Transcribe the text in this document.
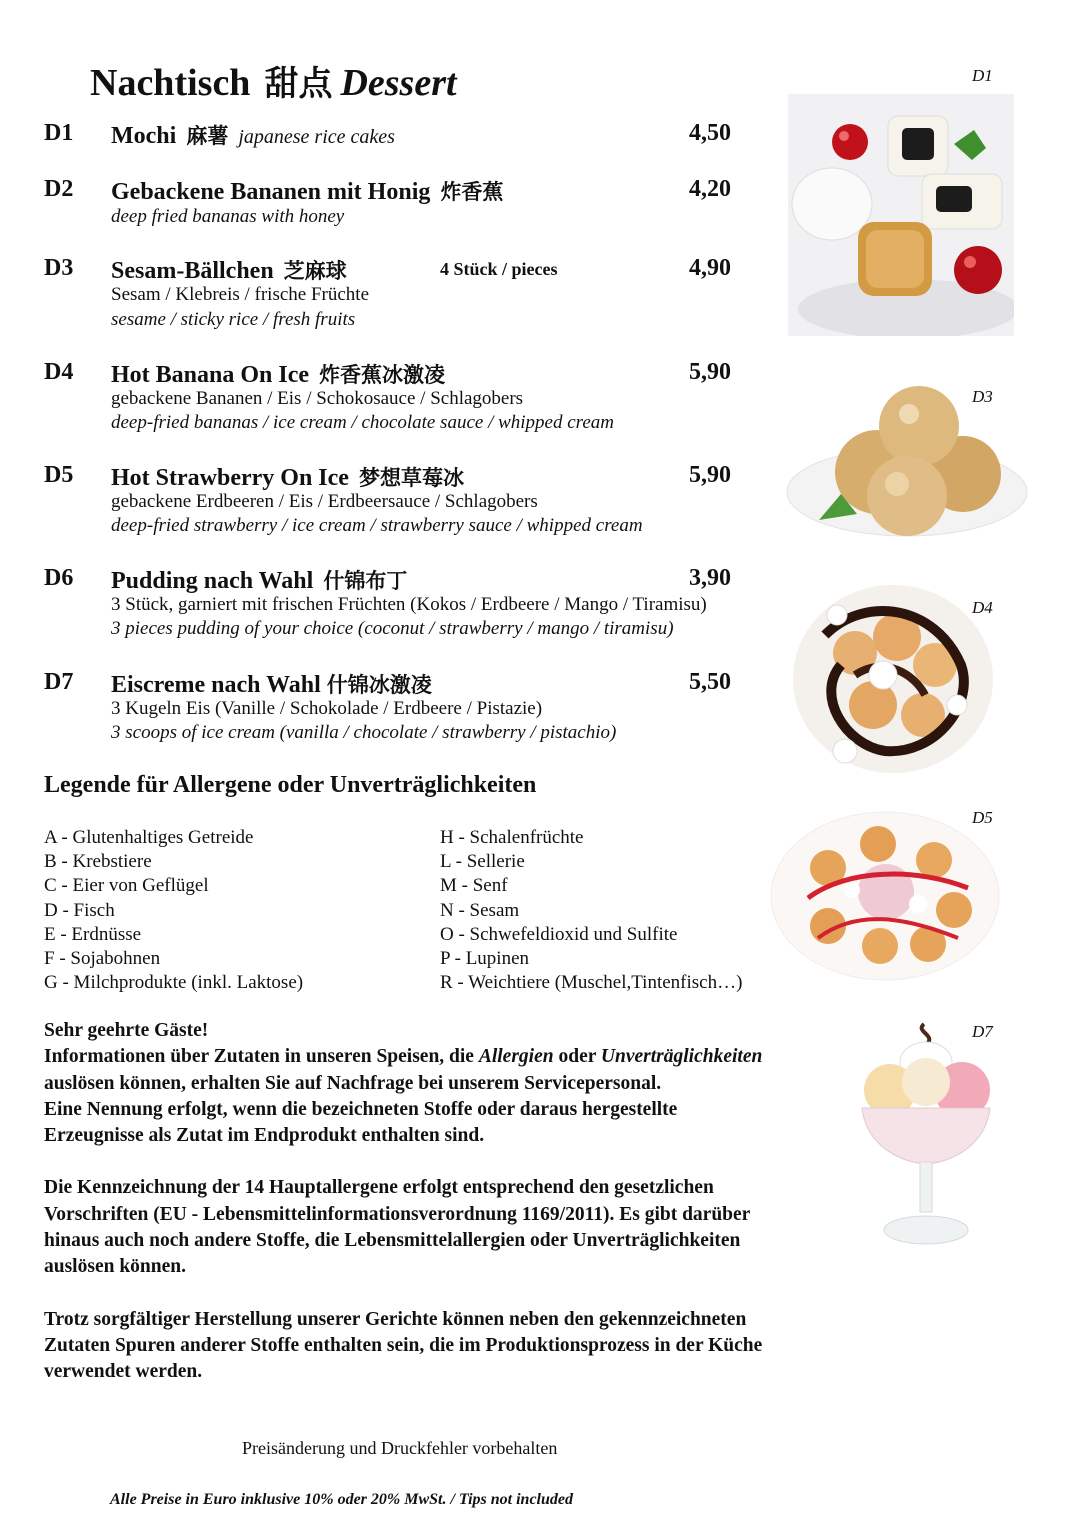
Nachtisch 甜点 Dessert
D1 Mochi 麻薯 japanese rice cakes	4,50
D2 Gebackene Bananen mit Honig 炸香蕉	4,20
deep fried bananas with honey
D3 Sesam-Bällchen 芝麻球	4 Stück / pieces	4,90
Sesam / Klebreis / frische Früchte
sesame / sticky rice / fresh fruits
D4 Hot Banana On Ice 炸香蕉冰激凌	5,90
gebackene Bananen / Eis / Schokosauce / Schlagobers
deep-fried bananas / ice cream / chocolate sauce / whipped cream
D5 Hot Strawberry On Ice 梦想草莓冰	5,90
gebackene Erdbeeren / Eis / Erdbeersauce / Schlagobers
deep-fried strawberry / ice cream / strawberry sauce / whipped cream
D6 Pudding nach Wahl 什锦布丁	3,90
3 Stück, garniert mit frischen Früchten (Kokos / Erdbeere / Mango / Tiramisu)
3 pieces pudding of your choice (coconut / strawberry / mango / tiramisu)
D7 Eiscreme nach Wahl 什锦冰激凌	5,50
3 Kugeln Eis (Vanille / Schokolade / Erdbeere / Pistazie)
3 scoops of ice cream (vanilla / chocolate / strawberry / pistachio)
Legende für Allergene oder Unverträglichkeiten
A - Glutenhaltiges Getreide
B - Krebstiere
C - Eier von Geflügel
D - Fisch
E - Erdnüsse
F - Sojabohnen
G - Milchprodukte (inkl. Laktose)
H - Schalenfrüchte
L - Sellerie
M - Senf
N - Sesam
O - Schwefeldioxid und Sulfite
P - Lupinen
R - Weichtiere (Muschel,Tintenfisch…)

Sehr geehrte Gäste!
Informationen über Zutaten in unseren Speisen, die Allergien oder Unverträglichkeiten auslösen können, erhalten Sie auf Nachfrage bei unserem Servicepersonal.
Eine Nennung erfolgt, wenn die bezeichneten Stoffe oder daraus hergestellte Erzeugnisse als Zutat im Endprodukt enthalten sind.

Die Kennzeichnung der 14 Hauptallergene erfolgt entsprechend den gesetzlichen Vorschriften (EU - Lebensmittelinformationsverordnung 1169/2011). Es gibt darüber hinaus auch noch andere Stoffe, die Lebensmittelallergien oder Unverträglichkeiten auslösen können.

Trotz sorgfältiger Herstellung unserer Gerichte können neben den gekennzeichneten Zutaten Spuren anderer Stoffe enthalten sein, die im Produktionsprozess in der Küche verwendet werden.

Preisänderung und Druckfehler vorbehalten
Alle Preise in Euro inklusive 10% oder 20% MwSt. / Tips not included
D1
D3
D4
D5
D7
